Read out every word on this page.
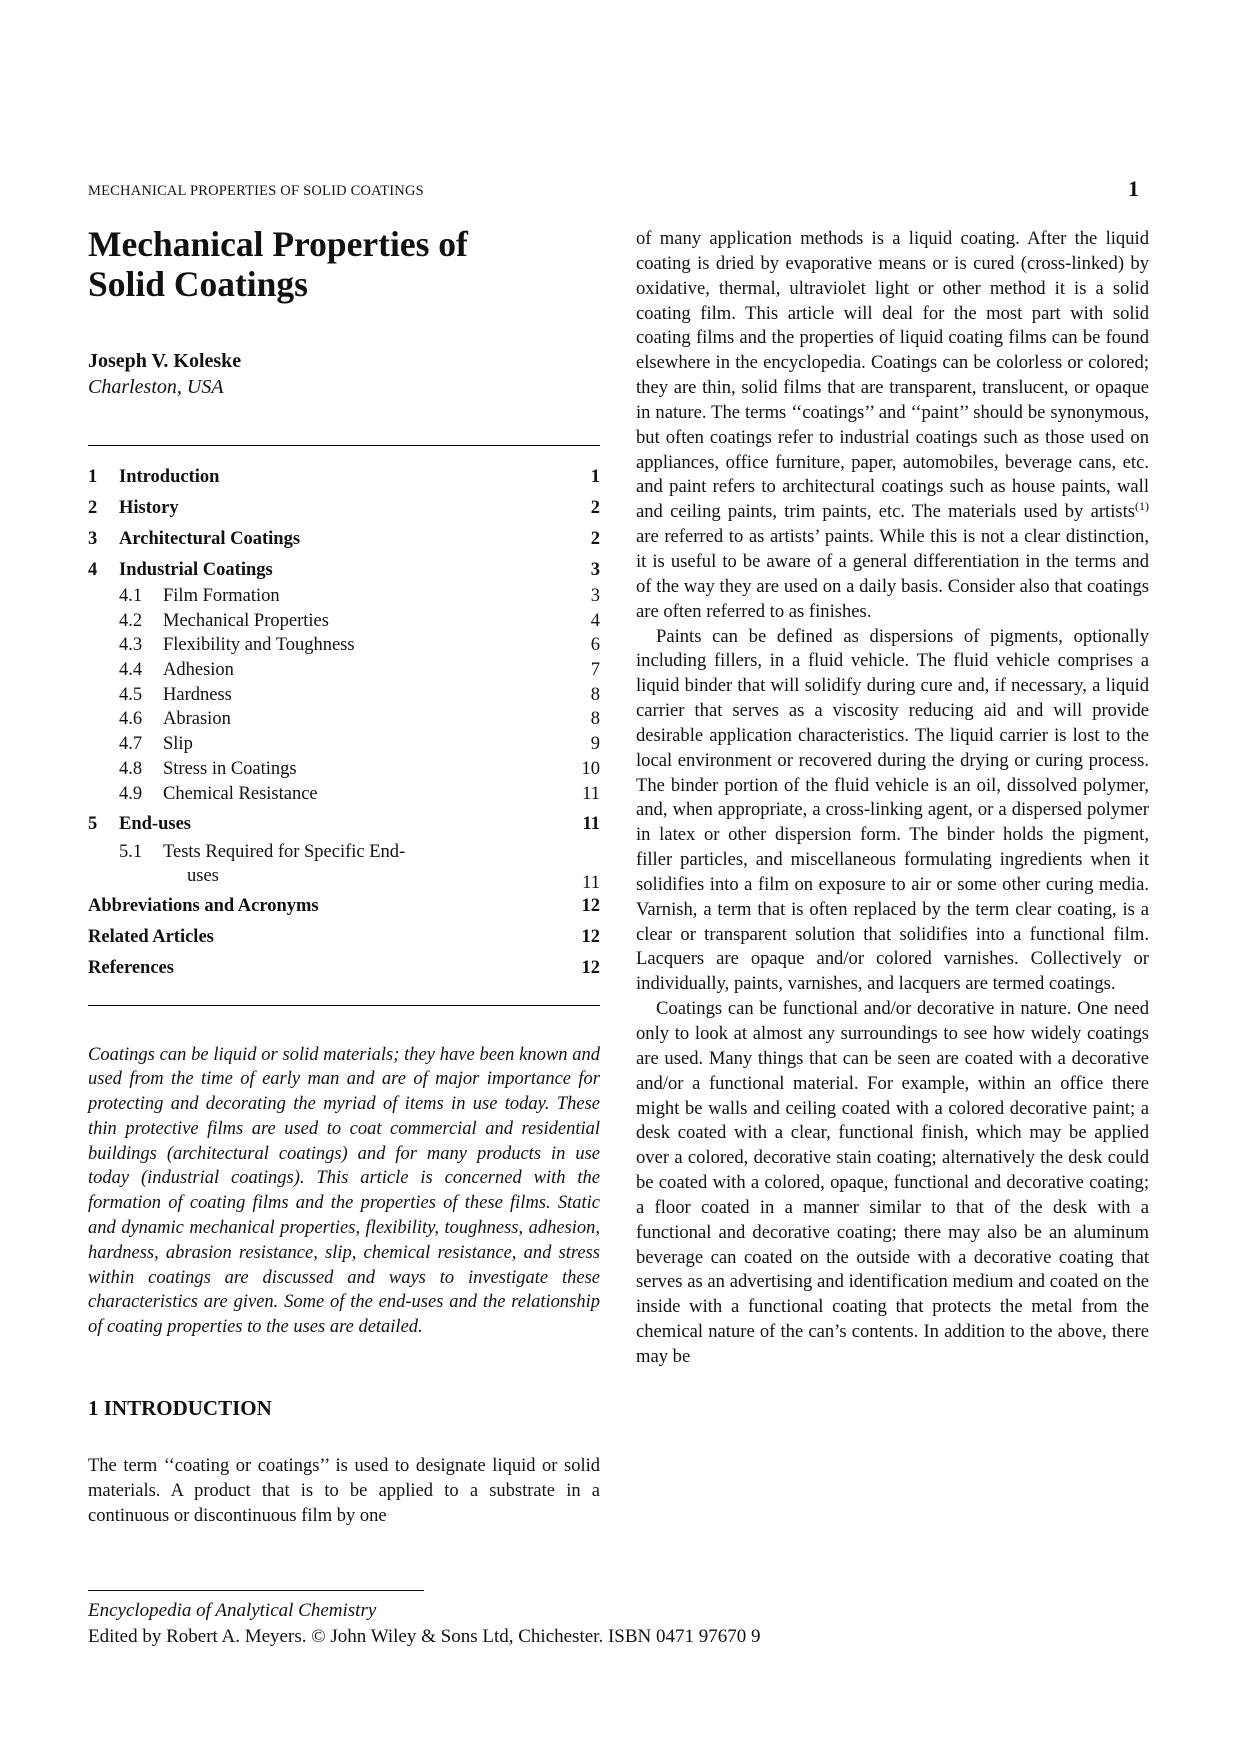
MECHANICAL PROPERTIES OF SOLID COATINGS	1
Mechanical Properties of
Solid Coatings
Joseph V. Koleske
Charleston, USA
1	Introduction	1
2	History	2
3	Architectural Coatings	2
4	Industrial Coatings	3
4.1	Film Formation	3
4.2	Mechanical Properties	4
4.3	Flexibility and Toughness	6
4.4	Adhesion	7
4.5	Hardness	8
4.6	Abrasion	8
4.7	Slip	9
4.8	Stress in Coatings	10
4.9	Chemical Resistance	11
5	End-uses	11
5.1	Tests Required for Specific End-
uses	11
Abbreviations and Acronyms	12
Related Articles	12
References	12

Coatings can be liquid or solid materials; they have been known and used from the time of early man and are of major importance for protecting and decorating the myriad of items in use today. These thin protective films are used to coat commercial and residential buildings (architectural coatings) and for many products in use today (industrial coatings). This article is concerned with the formation of coating films and the properties of these films. Static and dynamic mechanical properties, flexibility, toughness, adhesion, hardness, abrasion resistance, slip, chemical resistance, and stress within coatings are discussed and ways to investigate these characteristics are given. Some of the end-uses and the relationship of coating properties to the uses are detailed.

1 INTRODUCTION

The term ‘‘coating or coatings’’ is used to designate liquid or solid materials. A product that is to be applied to a substrate in a continuous or discontinuous film by one

of many application methods is a liquid coating. After the liquid coating is dried by evaporative means or is cured (cross-linked) by oxidative, thermal, ultraviolet light or other method it is a solid coating film. This article will deal for the most part with solid coating films and the properties of liquid coating films can be found elsewhere in the encyclopedia. Coatings can be colorless or colored; they are thin, solid films that are transparent, translucent, or opaque in nature. The terms ‘‘coatings’’ and ‘‘paint’’ should be synonymous, but often coatings refer to industrial coatings such as those used on appliances, office furniture, paper, automobiles, beverage cans, etc. and paint refers to architectural coatings such as house paints, wall and ceiling paints, trim paints, etc. The materials used by artists$^{(1)}$ are referred to as artists’ paints. While this is not a clear distinction, it is useful to be aware of a general differentiation in the terms and of the way they are used on a daily basis. Consider also that coatings are often referred to as finishes.

Paints can be defined as dispersions of pigments, optionally including fillers, in a fluid vehicle. The fluid vehicle comprises a liquid binder that will solidify during cure and, if necessary, a liquid carrier that serves as a viscosity reducing aid and will provide desirable application characteristics. The liquid carrier is lost to the local environment or recovered during the drying or curing process. The binder portion of the fluid vehicle is an oil, dissolved polymer, and, when appropriate, a cross-linking agent, or a dispersed polymer in latex or other dispersion form. The binder holds the pigment, filler particles, and miscellaneous formulating ingredients when it solidifies into a film on exposure to air or some other curing media. Varnish, a term that is often replaced by the term clear coating, is a clear or transparent solution that solidifies into a functional film. Lacquers are opaque and/or colored varnishes. Collectively or individually, paints, varnishes, and lacquers are termed coatings.

Coatings can be functional and/or decorative in nature. One need only to look at almost any surroundings to see how widely coatings are used. Many things that can be seen are coated with a decorative and/or a functional material. For example, within an office there might be walls and ceiling coated with a colored decorative paint; a desk coated with a clear, functional finish, which may be applied over a colored, decorative stain coating; alternatively the desk could be coated with a colored, opaque, functional and decorative coating; a floor coated in a manner similar to that of the desk with a functional and decorative coating; there may also be an aluminum beverage can coated on the outside with a decorative coating that serves as an advertising and identification medium and coated on the inside with a functional coating that protects the metal from the chemical nature of the can’s contents. In addition to the above, there may be

Encyclopedia of Analytical Chemistry
Edited by Robert A. Meyers. © John Wiley & Sons Ltd, Chichester. ISBN 0471 97670 9
